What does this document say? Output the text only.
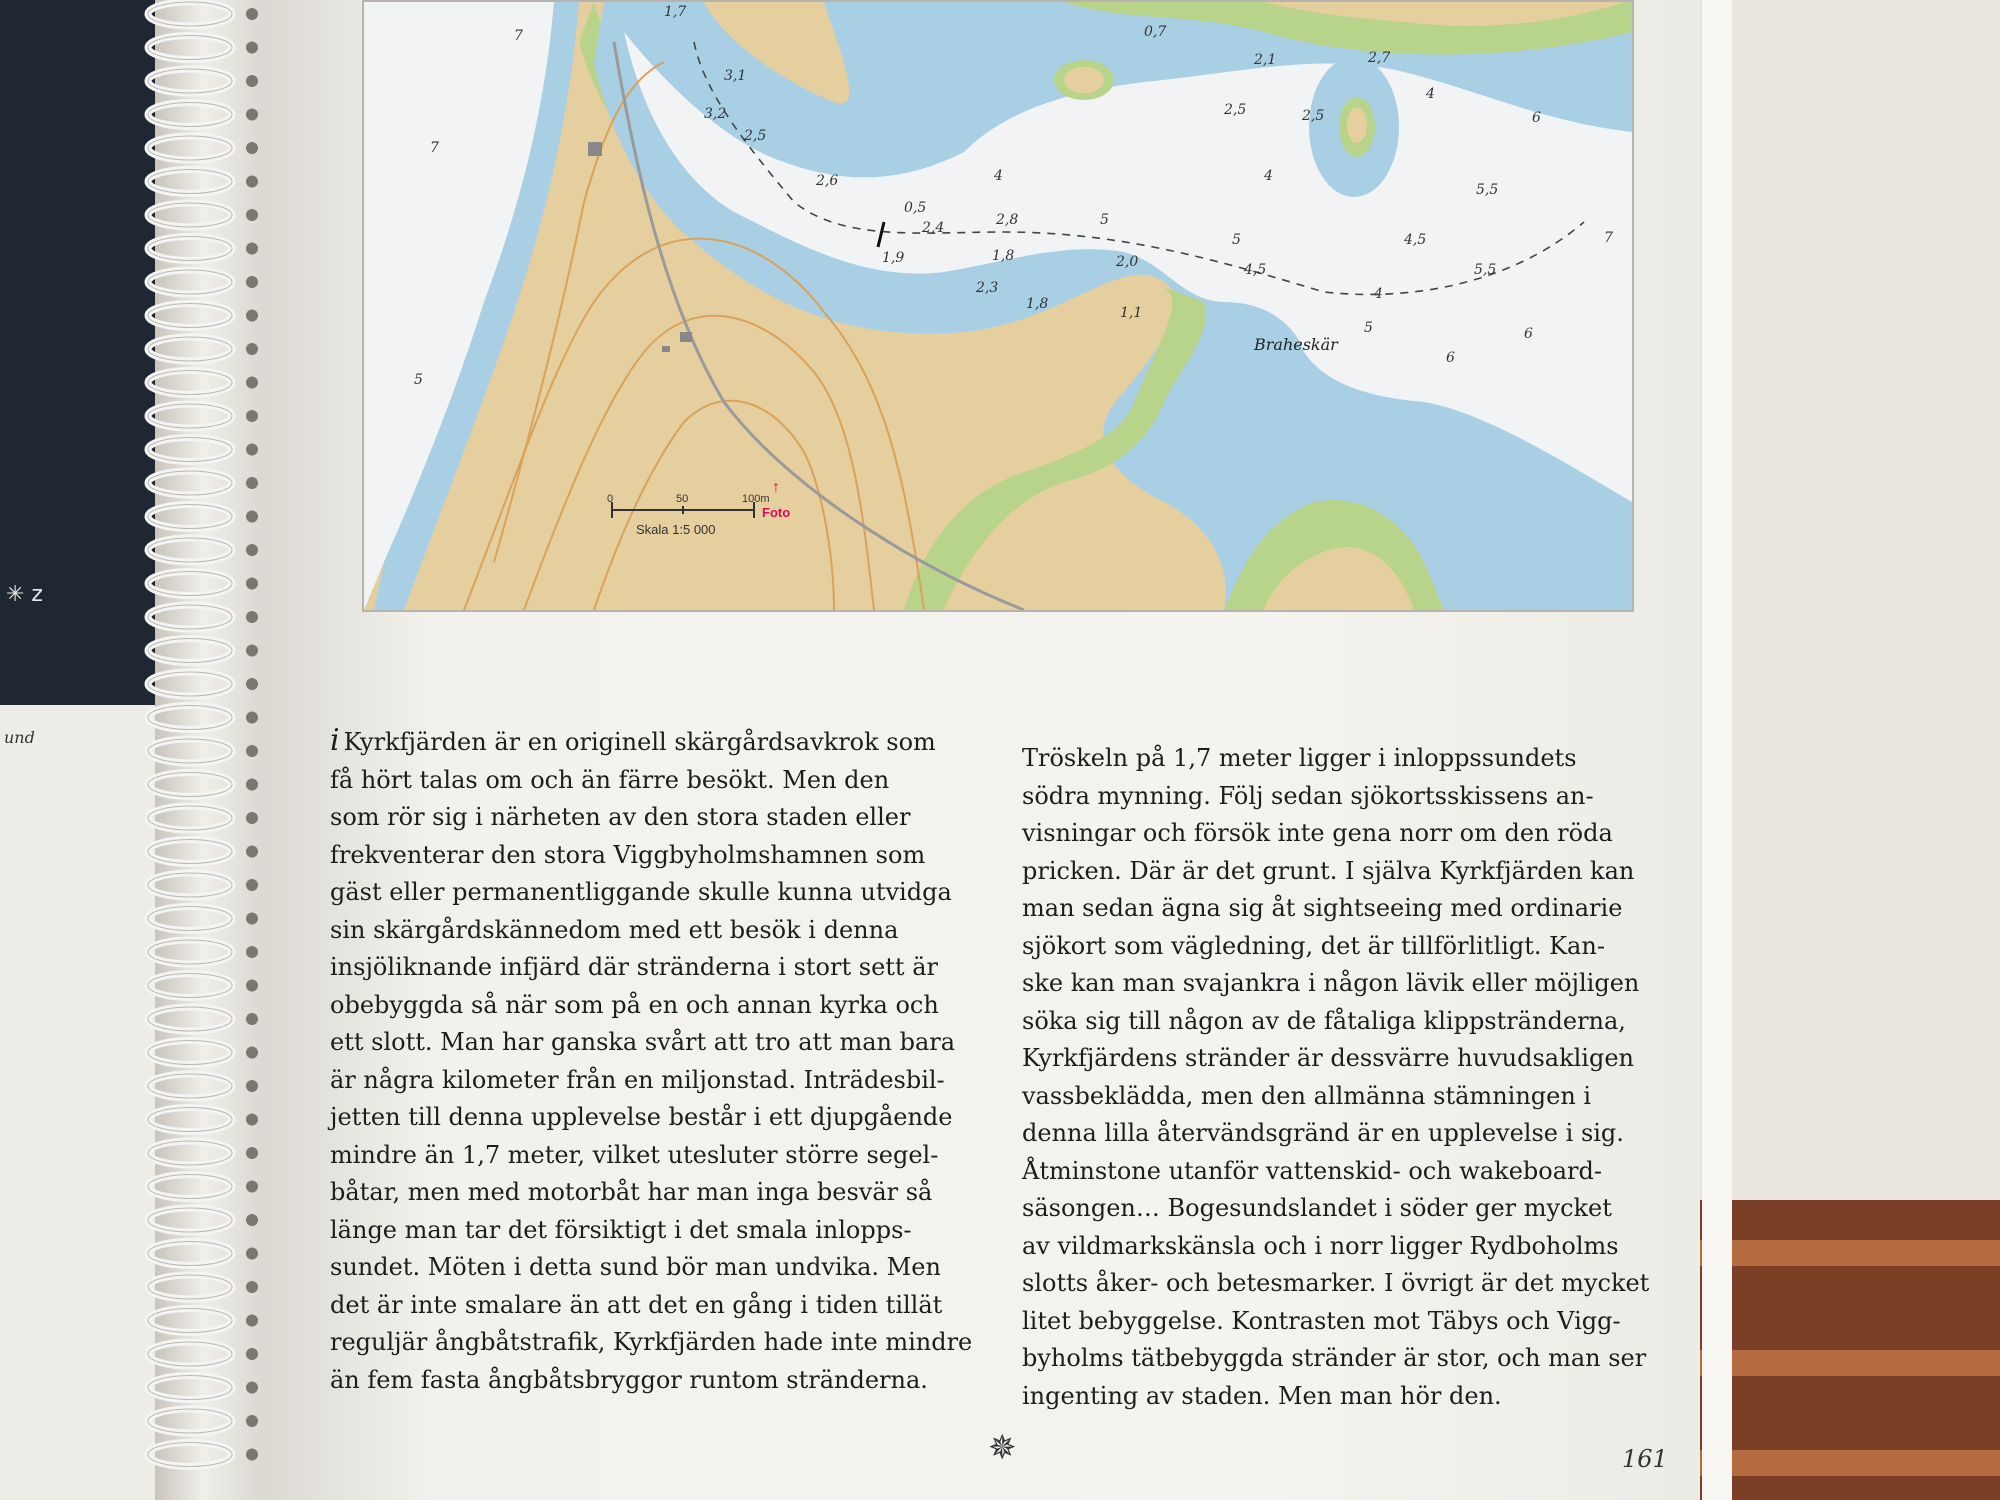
✳ z
und
Braheskär
↑
Foto
0	50	100m
Skala 1:5 000
1,7
7
7
5
3,1
3,2
2,5
2,6
0,5
1,9
2,4	2,8
1,8
2,3
1,8
2,0
1,1
4,5
5
5
4
0,7
2,1
2,5	2,5
2,7
4
6
4
4,5
5,5
5,5
7
4
5
6
6
i Kyrkfjärden är en originell skärgårdsavkrok som

få hört talas om och än färre besökt. Men den
som rör sig i närheten av den stora staden eller
frekventerar den stora Viggbyholmshamnen som
gäst eller permanentliggande skulle kunna utvidga
sin skärgårdskännedom med ett besök i denna
insjöliknande infjärd där stränderna i stort sett är
obebyggda så när som på en och annan kyrka och
ett slott. Man har ganska svårt att tro att man bara
är några kilometer från en miljonstad. Inträdesbil-
jetten till denna upplevelse består i ett djupgående
mindre än 1,7 meter, vilket utesluter större segel-
båtar, men med motorbåt har man inga besvär så
länge man tar det försiktigt i det smala inlopps-
sundet. Möten i detta sund bör man undvika. Men
det är inte smalare än att det en gång i tiden tillät
reguljär ångbåtstrafik, Kyrkfjärden hade inte mindre
än fem fasta ångbåtsbryggor runtom stränderna.
Tröskeln på 1,7 meter ligger i inloppssundets
södra mynning. Följ sedan sjökortsskissens an-
visningar och försök inte gena norr om den röda
pricken. Där är det grunt. I själva Kyrkfjärden kan
man sedan ägna sig åt sightseeing med ordinarie
sjökort som vägledning, det är tillförlitligt. Kan-
ske kan man svajankra i någon lävik eller möjligen
söka sig till någon av de fåtaliga klippstränderna,
Kyrkfjärdens stränder är dessvärre huvudsakligen
vassbeklädda, men den allmänna stämningen i
denna lilla återvändsgränd är en upplevelse i sig.
Åtminstone utanför vattenskid- och wakeboard-
säsongen… Bogesundslandet i söder ger mycket
av vildmarkskänsla och i norr ligger Rydboholms
slotts åker- och betesmarker. I övrigt är det mycket
litet bebyggelse. Kontrasten mot Täbys och Vigg-
byholms tätbebyggda stränder är stor, och man ser
ingenting av staden. Men man hör den.
✵	161
